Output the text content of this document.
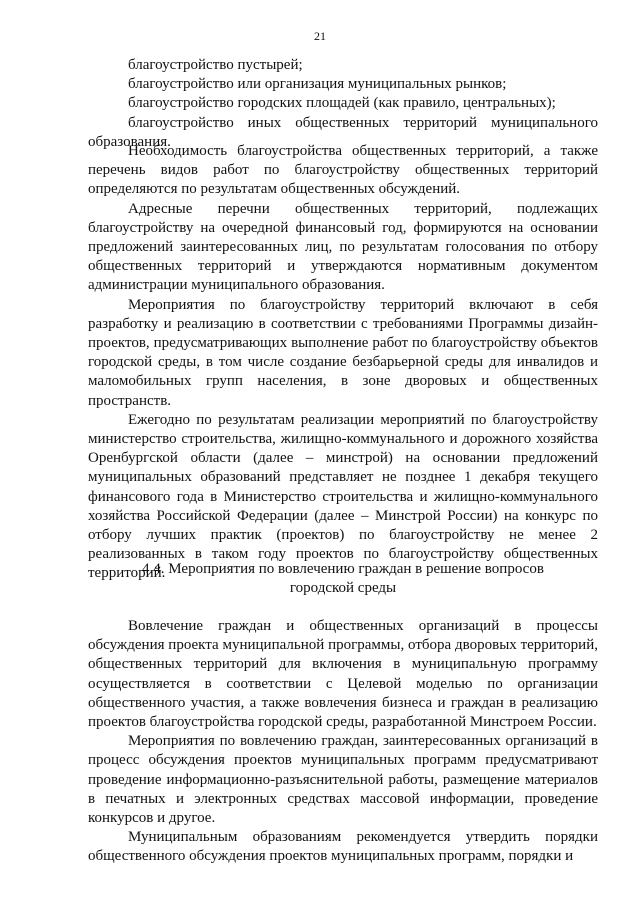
21

благоустройство пустырей;

благоустройство или организация муниципальных рынков;

благоустройство городских площадей (как правило, центральных);

благоустройство иных общественных территорий муниципального образования.

Необходимость благоустройства общественных территорий, а также перечень видов работ по благоустройству общественных территорий определяются по результатам общественных обсуждений.

Адресные перечни общественных территорий, подлежащих благоустройству на очередной финансовый год, формируются на основании предложений заинтересованных лиц, по результатам голосования по отбору общественных территорий и утверждаются нормативным документом администрации муниципального образования.

Мероприятия по благоустройству территорий включают в себя разработку и реализацию в соответствии с требованиями Программы дизайн-проектов, предусматривающих выполнение работ по благоустройству объектов городской среды, в том числе создание безбарьерной среды для инвалидов и маломобильных групп населения, в зоне дворовых и общественных пространств.

Ежегодно по результатам реализации мероприятий по благоустройству министерство строительства, жилищно-коммунального и дорожного хозяйства Оренбургской области (далее – минстрой) на основании предложений муниципальных образований представляет не позднее 1 декабря текущего финансового года в Министерство строительства и жилищно-коммунального хозяйства Российской Федерации (далее – Минстрой России) на конкурс по отбору лучших практик (проектов) по благоустройству не менее 2 реализованных в таком году проектов по благоустройству общественных территорий.

4.4. Мероприятия по вовлечению граждан в решение вопросов
городской среды

Вовлечение граждан и общественных организаций в процессы обсуждения проекта муниципальной программы, отбора дворовых территорий, общественных территорий для включения в муниципальную программу осуществляется в соответствии с Целевой моделью по организации общественного участия, а также вовлечения бизнеса и граждан в реализацию проектов благоустройства городской среды, разработанной Минстроем России.

Мероприятия по вовлечению граждан, заинтересованных организаций в процесс обсуждения проектов муниципальных программ предусматривают проведение информационно-разъяснительной работы, размещение материалов в печатных и электронных средствах массовой информации, проведение конкурсов и другое.

Муниципальным образованиям рекомендуется утвердить порядки общественного обсуждения проектов муниципальных программ, порядки и
